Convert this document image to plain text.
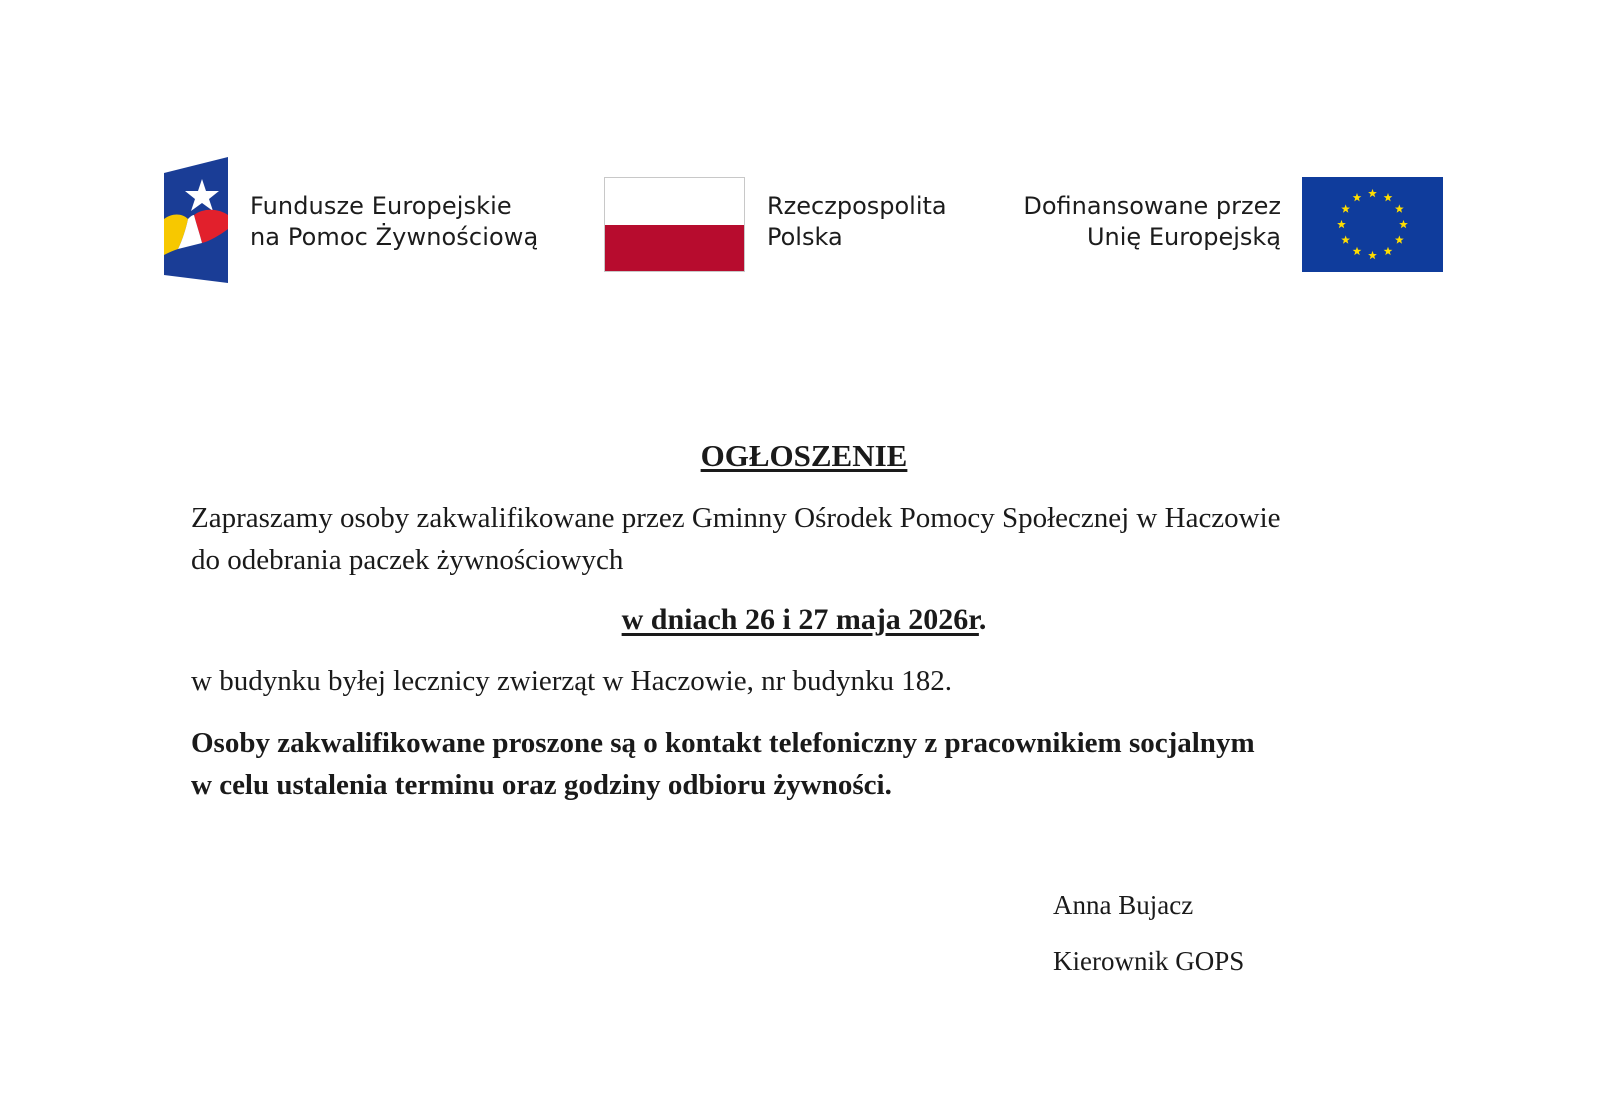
Fundusze Europejskie
na Pomoc Żywnościową
Rzeczpospolita
Polska
Dofinansowane przez
Unię Europejską
OGŁOSZENIE
Zapraszamy osoby zakwalifikowane przez Gminny Ośrodek Pomocy Społecznej w Haczowie
do odebrania paczek żywnościowych
w dniach 26 i 27 maja 2026r.
w budynku byłej lecznicy zwierząt w Haczowie, nr budynku 182.
Osoby zakwalifikowane proszone są o kontakt telefoniczny z pracownikiem socjalnym
w celu ustalenia terminu oraz godziny odbioru żywności.
Anna Bujacz
Kierownik GOPS
